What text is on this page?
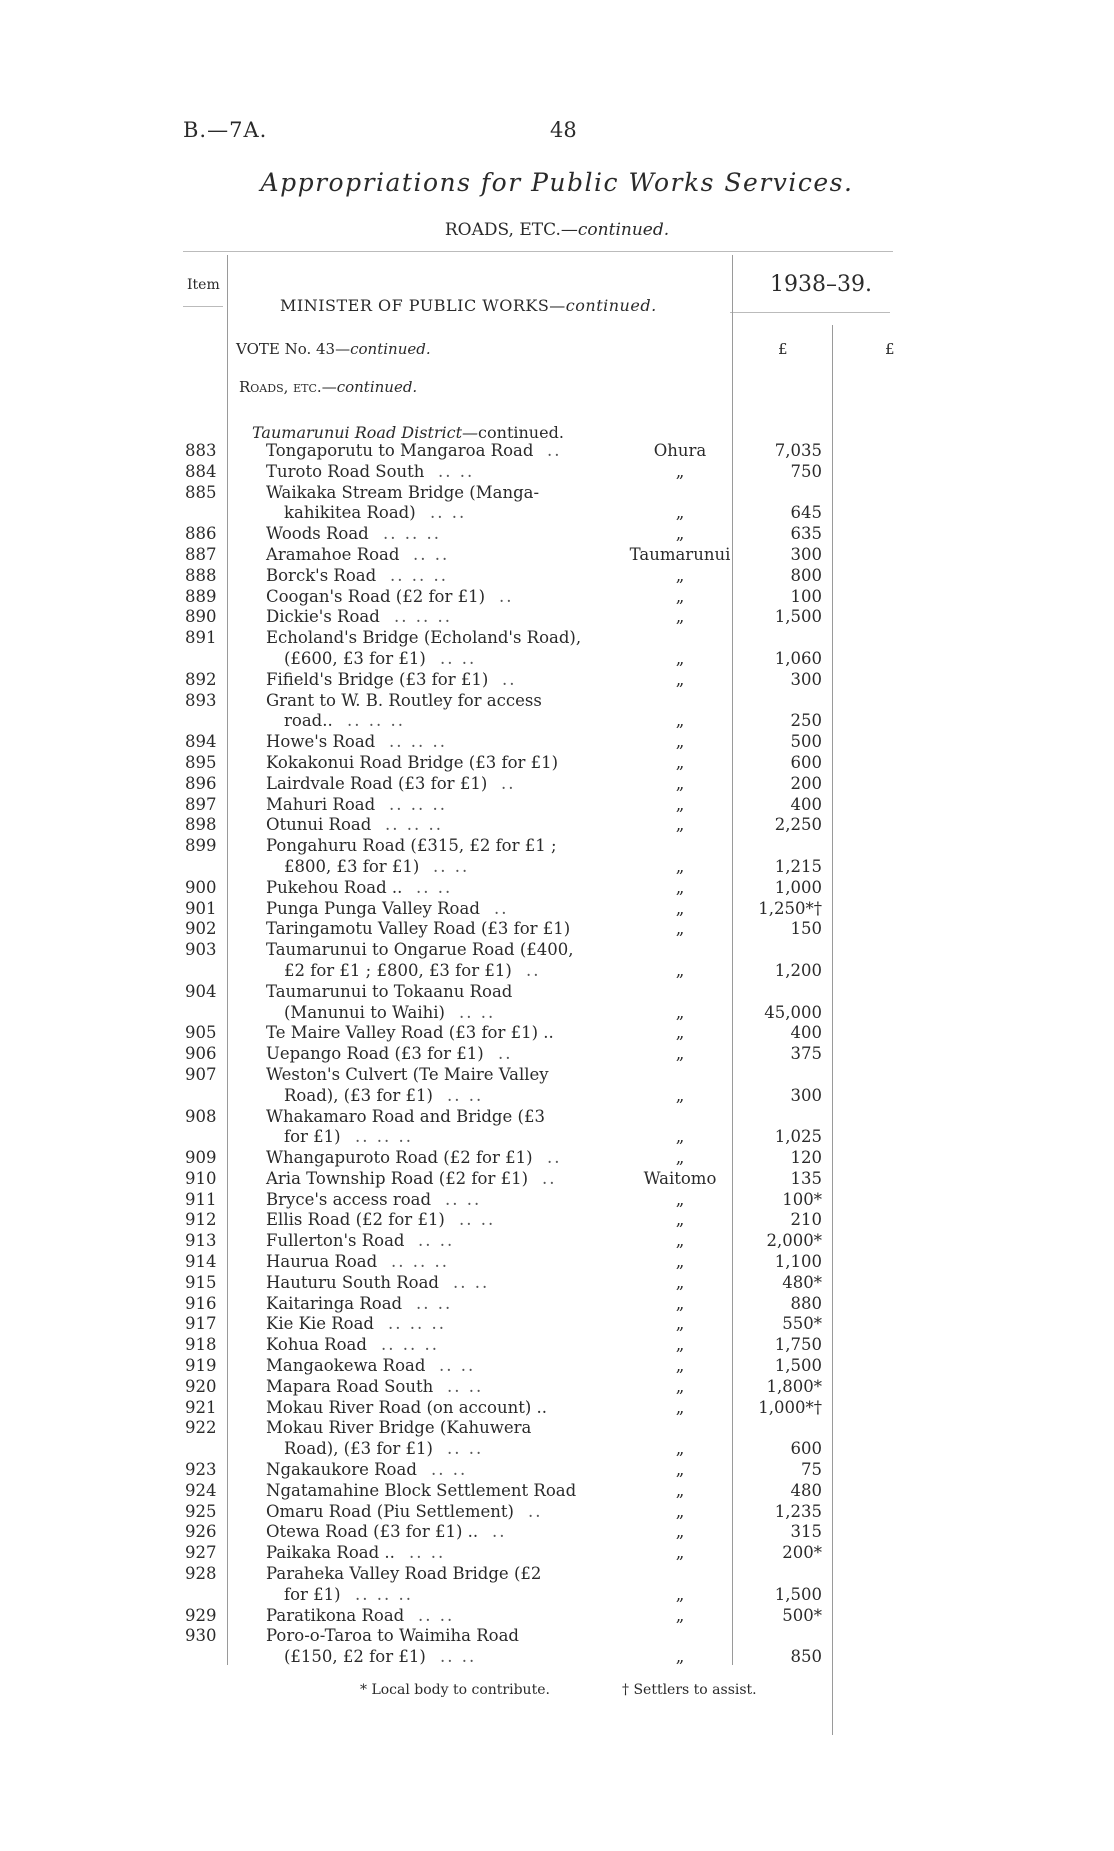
B.—7A.	48
Appropriations for Public Works Services.
ROADS, ETC.—continued.
Item	1938–39.
MINISTER OF PUBLIC WORKS—continued.
VOTE No. 43—continued.	£	£
Roads, etc.—continued.
Taumarunui Road District—continued.
883	Tongaporutu to Mangaroa Road ..	Ohura	7,035
884	Turoto Road South .. ..	„	750
885	Waikaka Stream Bridge (Manga-
kahikitea Road) .. ..	„	645
886	Woods Road .. .. ..	„	635
887	Aramahoe Road .. ..	Taumarunui	300
888	Borck's Road .. .. ..	„	800
889	Coogan's Road (£2 for £1) ..	„	100
890	Dickie's Road .. .. ..	„	1,500
891	Echoland's Bridge (Echoland's Road),
(£600, £3 for £1) .. ..	„	1,060
892	Fifield's Bridge (£3 for £1) ..	„	300
893	Grant to W. B. Routley for access
road.. .. .. ..	„	250
894	Howe's Road .. .. ..	„	500
895	Kokakonui Road Bridge (£3 for £1)	„	600
896	Lairdvale Road (£3 for £1) ..	„	200
897	Mahuri Road .. .. ..	„	400
898	Otunui Road .. .. ..	„	2,250
899	Pongahuru Road (£315, £2 for £1 ;
£800, £3 for £1) .. ..	„	1,215
900	Pukehou Road .. .. ..	„	1,000
901	Punga Punga Valley Road ..	„	1,250*†
902	Taringamotu Valley Road (£3 for £1)	„	150
903	Taumarunui to Ongarue Road (£400,
£2 for £1 ; £800, £3 for £1) ..	„	1,200
904	Taumarunui to Tokaanu Road
(Manunui to Waihi) .. ..	„	45,000
905	Te Maire Valley Road (£3 for £1) ..	„	400
906	Uepango Road (£3 for £1) ..	„	375
907	Weston's Culvert (Te Maire Valley
Road), (£3 for £1) .. ..	„	300
908	Whakamaro Road and Bridge (£3
for £1) .. .. ..	„	1,025
909	Whangapuroto Road (£2 for £1) ..	„	120
910	Aria Township Road (£2 for £1) ..	Waitomo	135
911	Bryce's access road .. ..	„	100*
912	Ellis Road (£2 for £1) .. ..	„	210
913	Fullerton's Road .. ..	„	2,000*
914	Haurua Road .. .. ..	„	1,100
915	Hauturu South Road .. ..	„	480*
916	Kaitaringa Road .. ..	„	880
917	Kie Kie Road .. .. ..	„	550*
918	Kohua Road .. .. ..	„	1,750
919	Mangaokewa Road .. ..	„	1,500
920	Mapara Road South .. ..	„	1,800*
921	Mokau River Road (on account) ..	„	1,000*†
922	Mokau River Bridge (Kahuwera
Road), (£3 for £1) .. ..	„	600
923	Ngakaukore Road .. ..	„	75
924	Ngatamahine Block Settlement Road	„	480
925	Omaru Road (Piu Settlement) ..	„	1,235
926	Otewa Road (£3 for £1) .. ..	„	315
927	Paikaka Road .. .. ..	„	200*
928	Paraheka Valley Road Bridge (£2
for £1) .. .. ..	„	1,500
929	Paratikona Road .. ..	„	500*
930	Poro-o-Taroa to Waimiha Road
(£150, £2 for £1) .. ..	„	850
* Local body to contribute.	† Settlers to assist.
